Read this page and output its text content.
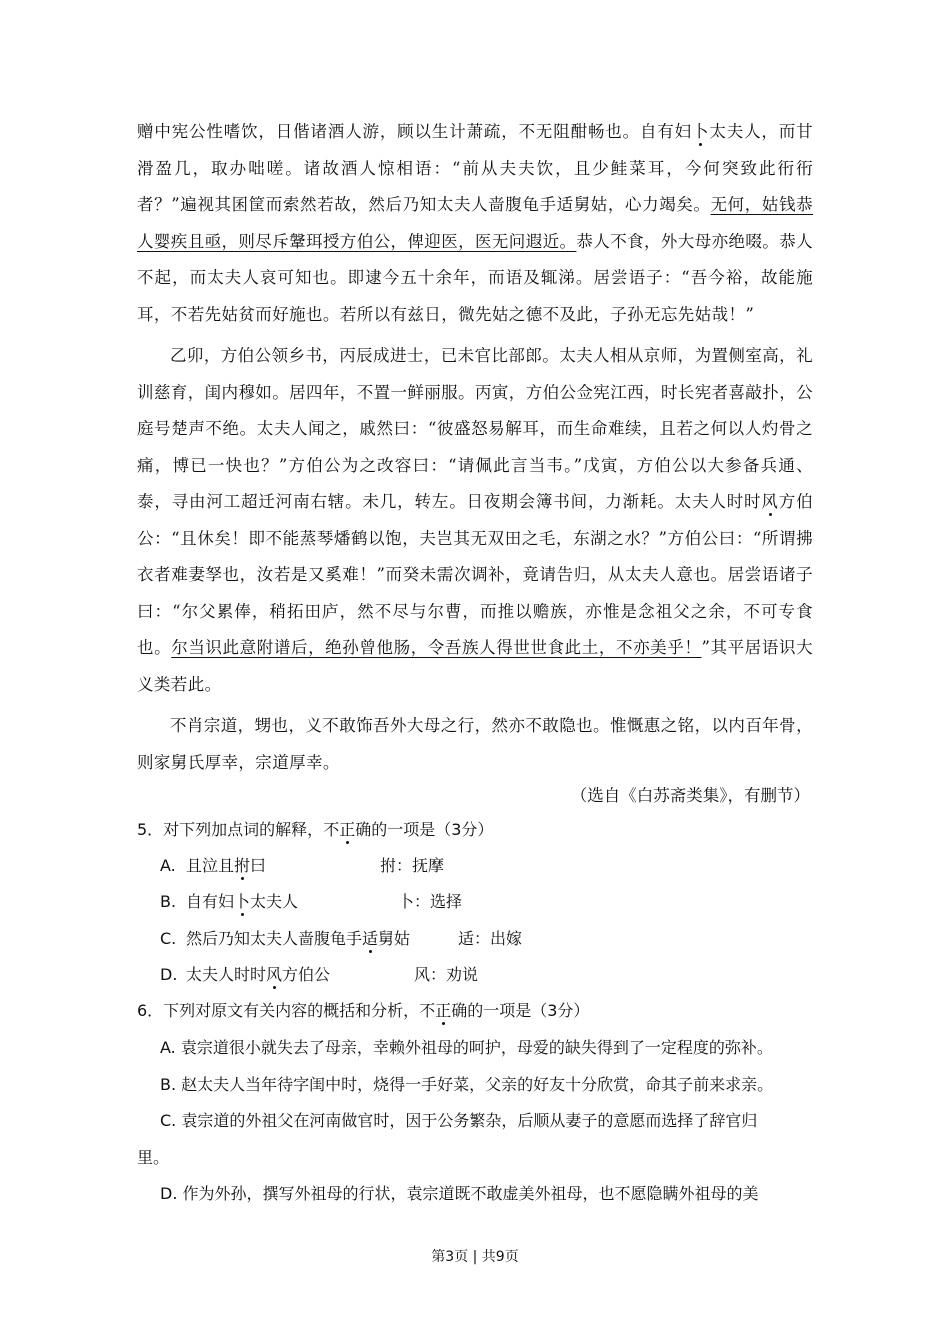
赠中宪公性嗜饮，日偕诸酒人游，顾以生计萧疏，不无阻酣畅也。自有妇卜太夫人，而甘滑盈几，取办咄嗟。诸故酒人惊相语：“前从夫夫饮，且少鲑菜耳，今何突致此衎衎者？”遍视其囷筐而索然若故，然后乃知太夫人啬腹龟手适舅姑，心力竭矣。无何，姑钱恭人婴疾且亟，则尽斥鞶珥授方伯公，俾迎医，医无问遐近。恭人不食，外大母亦绝啜。恭人不起，而太夫人哀可知也。即逮今五十余年，而语及辄涕。居尝语子：“吾今裕，故能施耳，不若先姑贫而好施也。若所以有兹日，微先姑之德不及此，子孙无忘先姑哉！”
乙卯，方伯公领乡书，丙辰成进士，已未官比部郎。太夫人相从京师，为置侧室高，礼训慈育，闺内穆如。居四年，不置一鲜丽服。丙寅，方伯公佥宪江西，时长宪者喜敲扑，公庭号楚声不绝。太夫人闻之，戚然曰：“彼盛怒易解耳，而生命难续，且若之何以人灼骨之痛，博已一快也？”方伯公为之改容曰：“请佩此言当韦。”戊寅，方伯公以大参备兵通、泰，寻由河工超迁河南右辖。未几，转左。日夜期会簿书间，力渐耗。太夫人时时风方伯公：“且休矣！即不能蒸琴燔鹤以饱，夫岂其无双田之毛，东湖之水？”方伯公曰：“所谓拂衣者难妻孥也，汝若是又奚难！”而癸未需次调补，竟请告归，从太夫人意也。居尝语诸子曰：“尔父累俸，稍拓田庐，然不尽与尔曹，而推以赡族，亦惟是念祖父之余，不可专食也。尔当识此意附谱后，绝孙曾他肠，令吾族人得世世食此土，不亦美乎！”其平居语识大义类若此。
不肖宗道，甥也，义不敢饰吾外大母之行，然亦不敢隐也。惟慨惠之铭，以内百年骨，则家舅氏厚幸，宗道厚幸。
（选自《白苏斋类集》，有删节）
5．对下列加点词的解释，不正确的一项是（3分）
A. 且泣且拊曰	拊：抚摩
B. 自有妇卜太夫人	卜：选择
C. 然后乃知太夫人啬腹龟手适舅姑	适：出嫁
D. 太夫人时时风方伯公	风：劝说
6．下列对原文有关内容的概括和分析，不正确的一项是（3分）
A. 袁宗道很小就失去了母亲，幸赖外祖母的呵护，母爱的缺失得到了一定程度的弥补。
B. 赵太夫人当年待字闺中时，烧得一手好菜，父亲的好友十分欣赏，命其子前来求亲。
C. 袁宗道的外祖父在河南做官时，因于公务繁杂，后顺从妻子的意愿而选择了辞官归
里。
D. 作为外孙，撰写外祖母的行状，袁宗道既不敢虚美外祖母，也不愿隐瞒外祖母的美
第3页 | 共9页
